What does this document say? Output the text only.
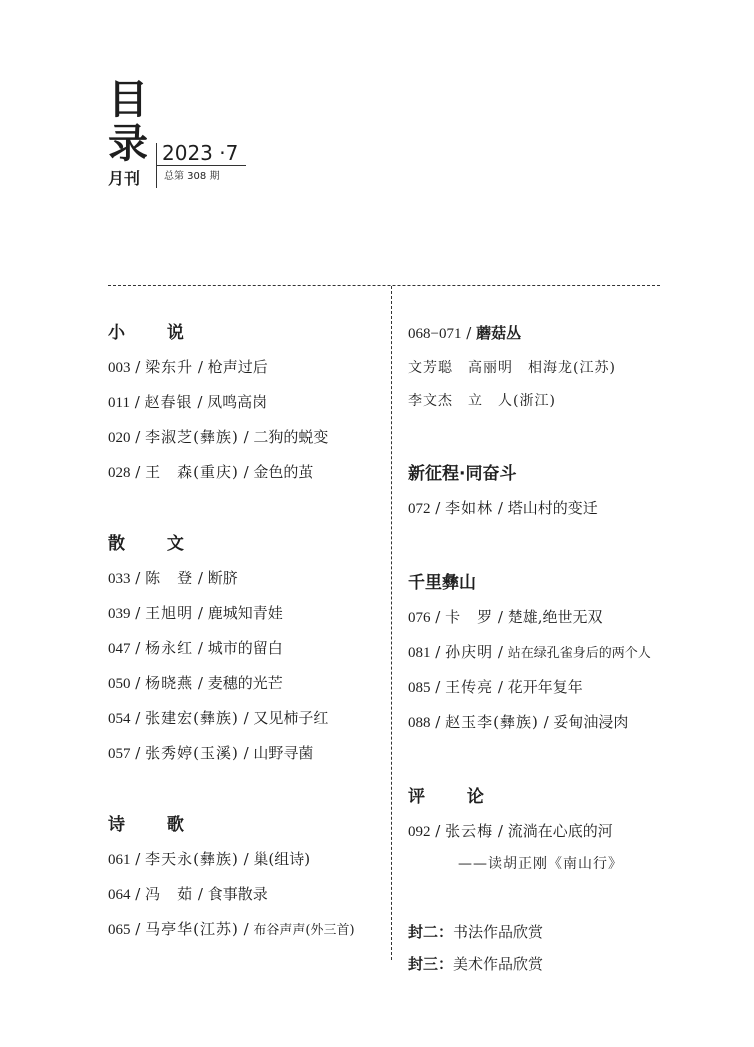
目
录
月刊
2023 ·7
总第 308 期
小 说
003 / 梁东升 / 枪声过后
011 / 赵春银 / 凤鸣高岗
020 / 李淑芝(彝族) / 二狗的蜕变
028 / 王　森(重庆) / 金色的茧
散 文
033 / 陈　登 / 断脐
039 / 王旭明 / 鹿城知青娃
047 / 杨永红 / 城市的留白
050 / 杨晓燕 / 麦穗的光芒
054 / 张建宏(彝族) / 又见柿子红
057 / 张秀婷(玉溪) / 山野寻菌
诗 歌
061 / 李天永(彝族) / 巢(组诗)
064 / 冯　茹 / 食事散录
065 / 马亭华(江苏) / 布谷声声(外三首)
068−071 / 蘑菇丛
文芳聪　高丽明　相海龙(江苏)
李文杰　立　人(浙江)
新征程·同奋斗
072 / 李如林 / 塔山村的变迁
千里彝山
076 / 卡　罗 / 楚雄,绝世无双
081 / 孙庆明 / 站在绿孔雀身后的两个人
085 / 王传亮 / 花开年复年
088 / 赵玉李(彝族) / 妥甸油浸肉
评 论
092 / 张云梅 / 流淌在心底的河
——读胡正刚《南山行》
封二：书法作品欣赏
封三：美术作品欣赏
